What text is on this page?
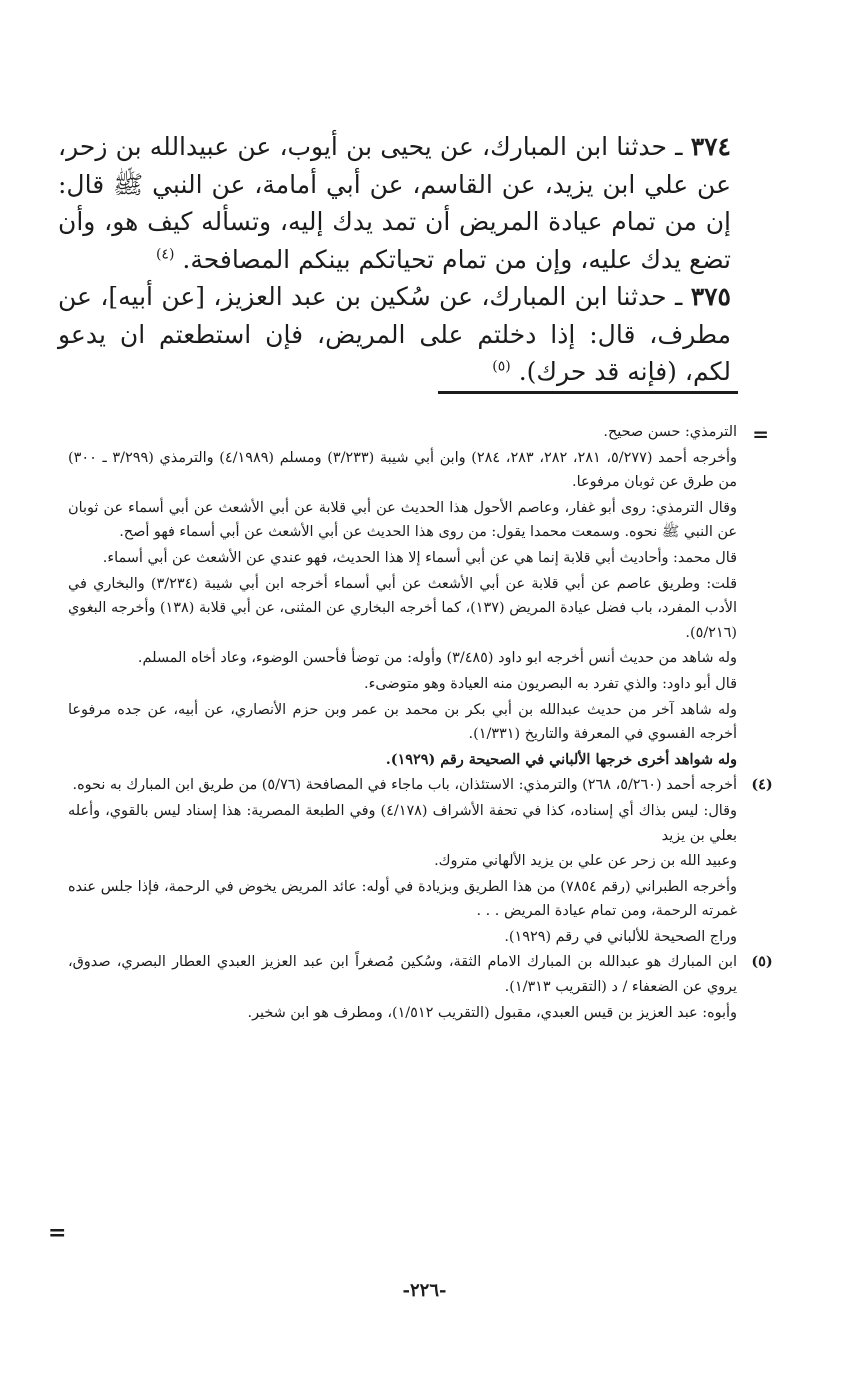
٣٧٤ ـ حدثنا ابن المبارك، عن يحيى بن أيوب، عن عبيدالله بن زحر، عن علي ابن يزيد، عن القاسم، عن أبي أمامة، عن النبي ﷺ قال: إن من تمام عيادة المريض أن تمد يدك إليه، وتسأله كيف هو، وأن تضع يدك عليه، وإن من تمام تحياتكم بينكم المصافحة. $^{(٤)}$

٣٧٥ ـ حدثنا ابن المبارك، عن سُكين بن عبد العزيز، [عن أبيه]، عن مطرف، قال: إذا دخلتم على المريض، فإن استطعتم ان يدعو لكم، (فإنه قد حرك). $^{(٥)}$

=

الترمذي: حسن صحيح.

وأخرجه أحمد (٥/٢٧٧، ٢٨١، ٢٨٢، ٢٨٣، ٢٨٤) وابن أبي شيبة (٣/٢٣٣) ومسلم (٤/١٩٨٩) والترمذي (٣/٢٩٩ ـ ٣٠٠) من طرق عن ثوبان مرفوعا.

وقال الترمذي: روى أبو غفار، وعاصم الأحول هذا الحديث عن أبي قلابة عن أبي الأشعث عن أبي أسماء عن ثوبان عن النبي ﷺ نحوه. وسمعت محمدا يقول: من روى هذا الحديث عن أبي الأشعث عن أبي أسماء فهو أصح.

قال محمد: وأحاديث أبي قلابة إنما هي عن أبي أسماء إلا هذا الحديث، فهو عندي عن الأشعث عن أبي أسماء.

قلت: وطريق عاصم عن أبي قلابة عن أبي الأشعث عن أبي أسماء أخرجه ابن أبي شيبة (٣/٢٣٤) والبخاري في الأدب المفرد، باب فضل عيادة المريض (١٣٧)، كما أخرجه البخاري عن المثنى، عن أبي قلابة (١٣٨) وأخرجه البغوي (٥/٢١٦).

وله شاهد من حديث أنس أخرجه ابو داود (٣/٤٨٥) وأوله: من توضأ فأحسن الوضوء، وعاد أخاه المسلم.

قال أبو داود: والذي تفرد به البصريون منه العيادة وهو متوضىء.

وله شاهد آخر من حديث عبدالله بن أبي بكر بن محمد بن عمر وبن حزم الأنصاري، عن أبيه، عن جده مرفوعا أخرجه الفسوي في المعرفة والتاريخ (١/٣٣١).

وله شواهد أخرى خرجها الألباني في الصحيحة رقم (١٩٢٩).

(٤)

أخرجه أحمد (٥/٢٦٠، ٢٦٨) والترمذي: الاستئذان، باب ماجاء في المصافحة (٥/٧٦) من طريق ابن المبارك به نحوه.

وقال: ليس بذاك أي إسناده، كذا في تحفة الأشراف (٤/١٧٨) وفي الطبعة المصرية: هذا إسناد ليس بالقوي، وأعله بعلي بن يزيد

وعبيد الله بن زحر عن علي بن يزيد الألهاني متروك.

وأخرجه الطبراني (رقم ٧٨٥٤) من هذا الطريق وبزيادة في أوله: عائد المريض يخوض في الرحمة، فإذا جلس عنده غمرته الرحمة، ومن تمام عيادة المريض . . .

وراج الصحيحة للألباني في رقم (١٩٢٩).

(٥)

ابن المبارك هو عبدالله بن المبارك الامام الثقة، وسُكين مُصغراً ابن عبد العزيز العبدي العطار البصري، صدوق، يروي عن الضعفاء / د (التقريب ١/٣١٣).

وأبوه: عبد العزيز بن قيس العبدي، مقبول (التقريب ١/٥١٢)، ومطرف هو ابن شخير.

=
-٢٢٦-
